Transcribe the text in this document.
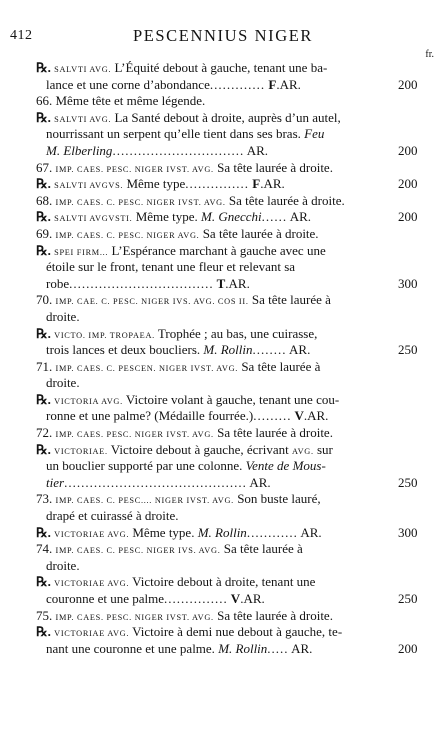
412	PESCENNIUS NIGER
fr.
℞. SALVTI AVG. L’Équité debout à gauche, tenant une ba-
lance et une corne d’abondance............. F.AR.	200
66. Même tête et même légende.
℞. SALVTI AVG. La Santé debout à droite, auprès d’un autel,
nourrissant un serpent qu’elle tient dans ses bras. Feu
M. Elberling............................... AR.	200
67. IMP. CAES. PESC. NIGER IVST. AVG. Sa tête laurée à droite.
℞. SALVTI AVGVS. Même type............... F.AR.	200
68. IMP. CAES. C. PESC. NIGER IVST. AVG. Sa tête laurée à droite.
℞. SALVTI AVGVSTI. Même type. M. Gnecchi...... AR.	200
69. IMP. CAES. C. PESC. NIGER AVG. Sa tête laurée à droite.
℞. SPEI FIRM... L’Espérance marchant à gauche avec une
étoile sur le front, tenant une fleur et relevant sa
robe.................................. T.AR.	300
70. IMP. CAE. C. PESC. NIGER IVS. AVG. COS II. Sa tête laurée à
droite.
℞. VICTO. IMP. TROPAEA. Trophée ; au bas, une cuirasse,
trois lances et deux boucliers. M. Rollin........ AR.	250
71. IMP. CAES. C. PESCEN. NIGER IVST. AVG. Sa tête laurée à
droite.
℞. VICTORIA AVG. Victoire volant à gauche, tenant une cou-
ronne et une palme? (Médaille fourrée.)......... V.AR.
72. IMP. CAES. PESC. NIGER IVST. AVG. Sa tête laurée à droite.
℞. VICTORIAE. Victoire debout à gauche, écrivant AVG. sur
un bouclier supporté par une colonne. Vente de Mous-
tier........................................... AR.	250
73. IMP. CAES. C. PESC.... NIGER IVST. AVG. Son buste lauré,
drapé et cuirassé à droite.
℞. VICTORIAE AVG. Même type. M. Rollin............ AR.	300
74. IMP. CAES. C. PESC. NIGER IVS. AVG. Sa tête laurée à
droite.
℞. VICTORIAE AVG. Victoire debout à droite, tenant une
couronne et une palme............... V.AR.	250
75. IMP. CAES. PESC. NIGER IVST. AVG. Sa tête laurée à droite.
℞. VICTORIAE AVG. Victoire à demi nue debout à gauche, te-
nant une couronne et une palme. M. Rollin..... AR.	200
